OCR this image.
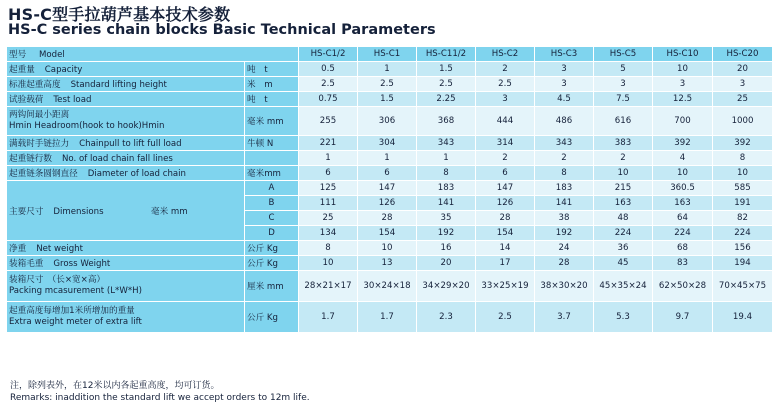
HS-C型手拉葫芦基本技术参数
HS-C series chain blocks Basic Technical Parameters
型号 Model		HS-C1/2	HS-C1	HS-C11/2	HS-C2	HS-C3	HS-C5	HS-C10	HS-C20
起重量 Capacity	吨　t	0.5	1	1.5	2	3	5	10	20
标准起重高度 Standard lifting height	米　m	2.5	2.5	2.5	2.5	3	3	3	3
试验载荷 Test load	吨　t	0.75	1.5	2.25	3	4.5	7.5	12.5	25

两钩间最小距离
Hmin Headroom(hook to hook)Hmin	毫米 mm	255	306	368	444	486	616	700	1000
满载时手链拉力 Chainpull to lift full load	牛顿 N	221	304	343	314	343	383	392	392
起重链行数 No. of load chain fall lines		1	1	1	2	2	2	4	8
起重链条圆钢直径 Diameter of load chain	毫米mm	6	6	8	6	8	10	10	10
主要尺寸 Dimensions 毫米 mm	A	125	147	183	147	183	215	360.5	585
	B	111	126	141	126	141	163	163	191
	C	25	28	35	28	38	48	64	82
	D	134	154	192	154	192	224	224	224
净重 Net weight	公斤 Kg	8	10	16	14	24	36	68	156
装箱毛重 Gross Weight	公斤 Kg	10	13	20	17	28	45	83	194

装箱尺寸　（长×宽×高）
Packing mcasurement (L*W*H)	厘米 mm	28×21×17	30×24×18	34×29×20	33×25×19	38×30×20	45×35×24	62×50×28	70×45×75

起重高度每增加1米所增加的重量
Extra weight meter of extra lift	公斤 Kg	1.7	1.7	2.3	2.5	3.7	5.3	9.7	19.4
注，除列表外，在12米以内各起重高度，均可订货。
Remarks: inaddition the standard lift we accept orders to 12m life.
